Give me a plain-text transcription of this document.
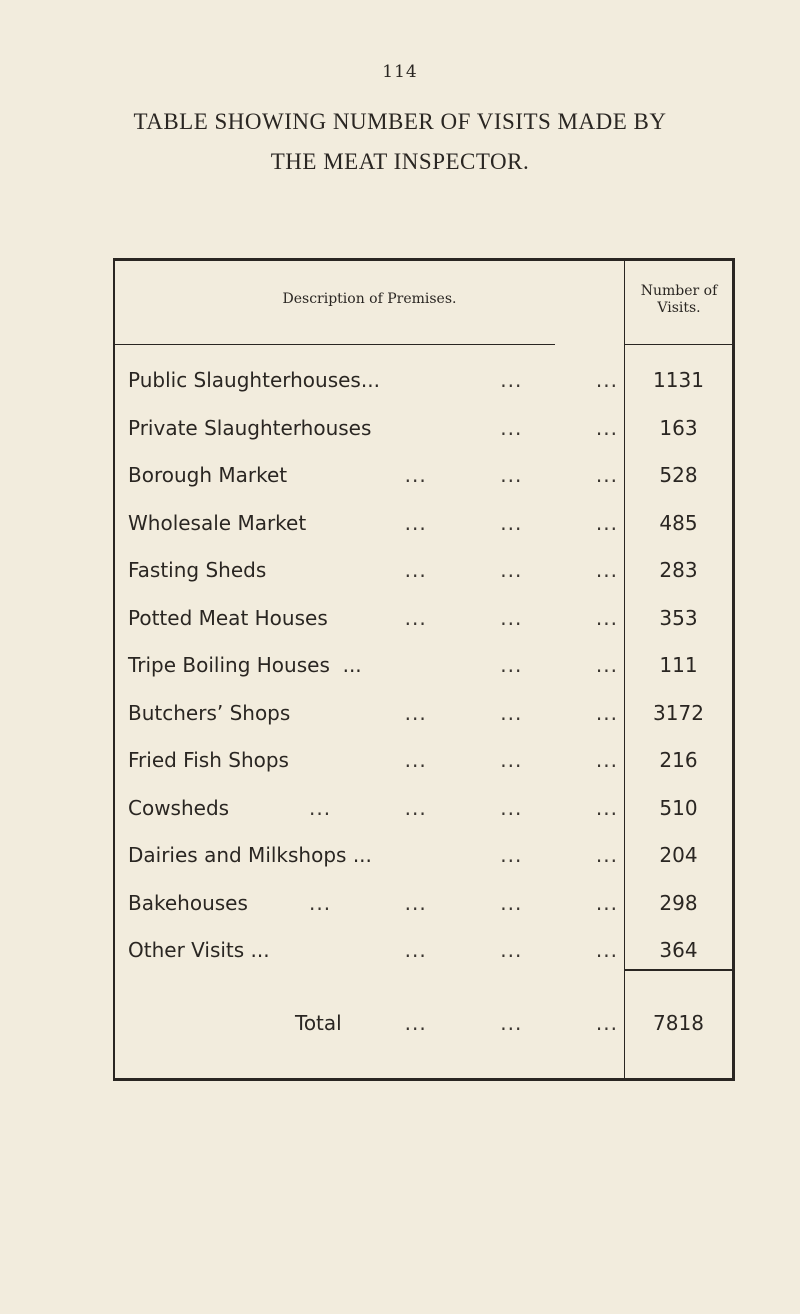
114
TABLE SHOWING NUMBER OF VISITS MADE BY
THE MEAT INSPECTOR.
Description of Premises.	Number of
Visits.
...          ...
Public Slaughterhouses...	1131
...          ...
Private Slaughterhouses	163
...          ...          ...
Borough Market	528
...          ...          ...
Wholesale Market	485
...          ...          ...
Fasting Sheds	283
...          ...          ...
Potted Meat Houses	353
...          ...
Tripe Boiling Houses  ...	111
...          ...          ...
Butchers’ Shops	3172
...          ...          ...
Fried Fish Shops	216
...          ...          ...          ...
Cowsheds	510
...          ...
Dairies and Milkshops ...	204
...          ...          ...          ...
Bakehouses	298
...          ...          ...
Other Visits ...	364
...          ...          ...
Total	7818
